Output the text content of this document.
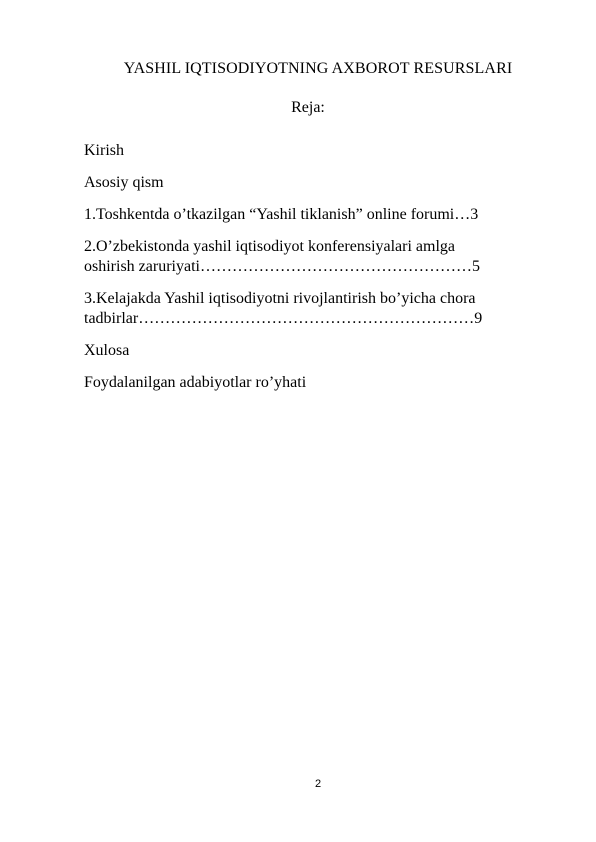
YASHIL IQTISODIYOTNING AXBOROT RESURSLARI
Reja:
Kirish
Asosiy qism
1.Toshkentda o’tkazilgan “Yashil tiklanish” online forumi…3
2.O’zbekistonda yashil iqtisodiyot konferensiyalari amlga
oshirish zaruriyati……………………………………………5
3.Kelajakda Yashil iqtisodiyotni rivojlantirish bo’yicha chora
tadbirlar………………………………………………………9
Xulosa
Foydalanilgan adabiyotlar ro’yhati
2
